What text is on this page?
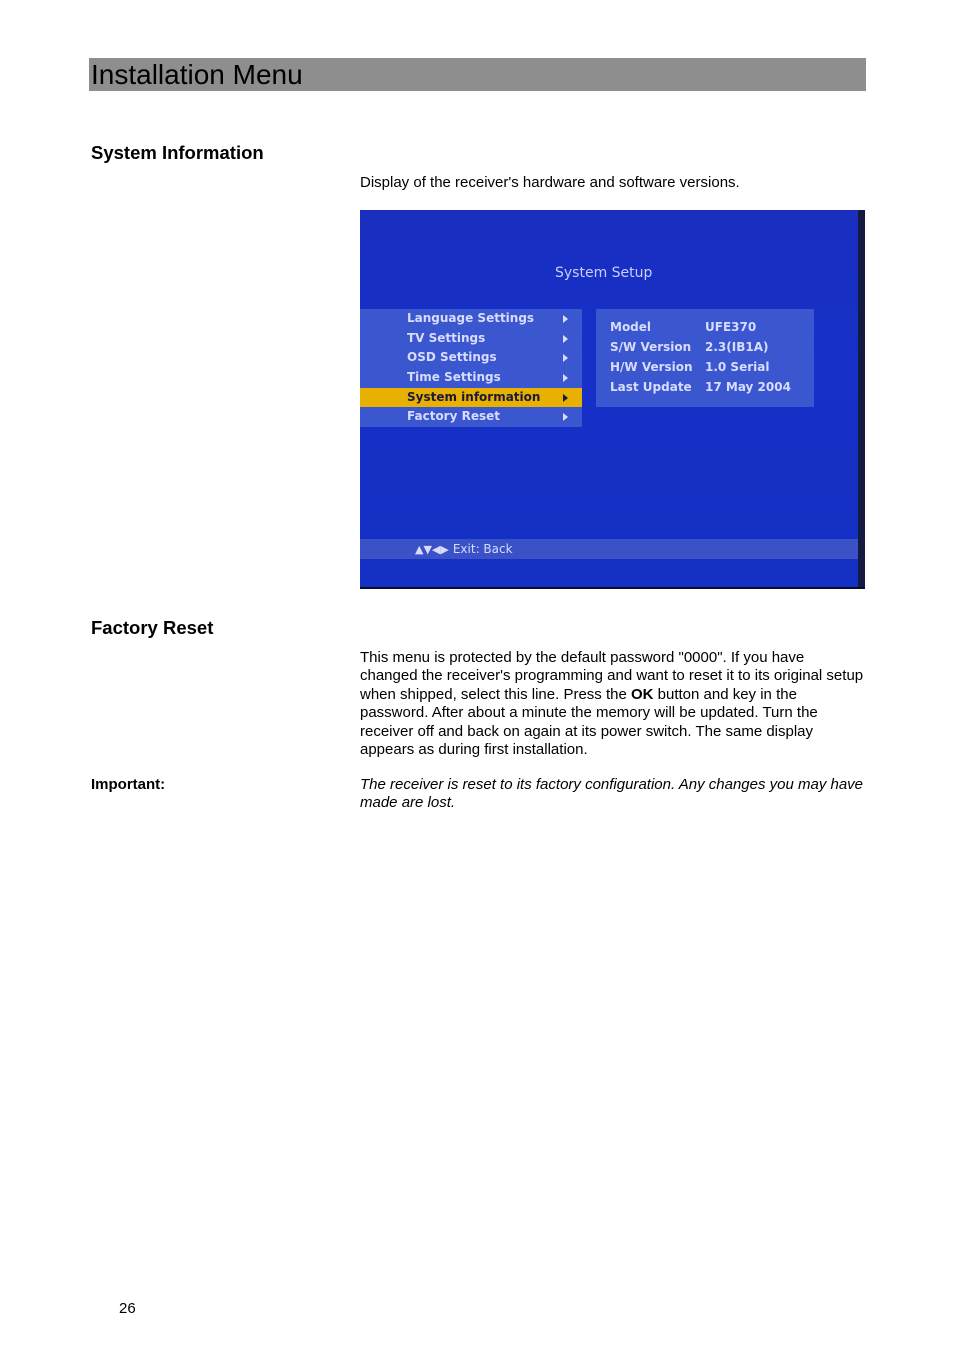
Installation Menu
System Information
Display of the receiver's hardware and software versions.
System Setup
Language Settings
TV Settings
OSD Settings
Time Settings
System information
Factory Reset
Model	UFE370
S/W Version 2.3(IB1A)
H/W Version 1.0 Serial
Last Update 17 May 2004
▲▼◀▶ Exit: Back
Factory Reset
This menu is protected by the default password "0000". If you have changed the receiver's programming and want to reset it to its original setup when shipped, select this line. Press the OK button and key in the password. After about a minute the memory will be updated. Turn the receiver off and back on again at its power switch. The same display appears as during first installation.
Important:	The receiver is reset to its factory configuration. Any changes you may have made are lost.
26
